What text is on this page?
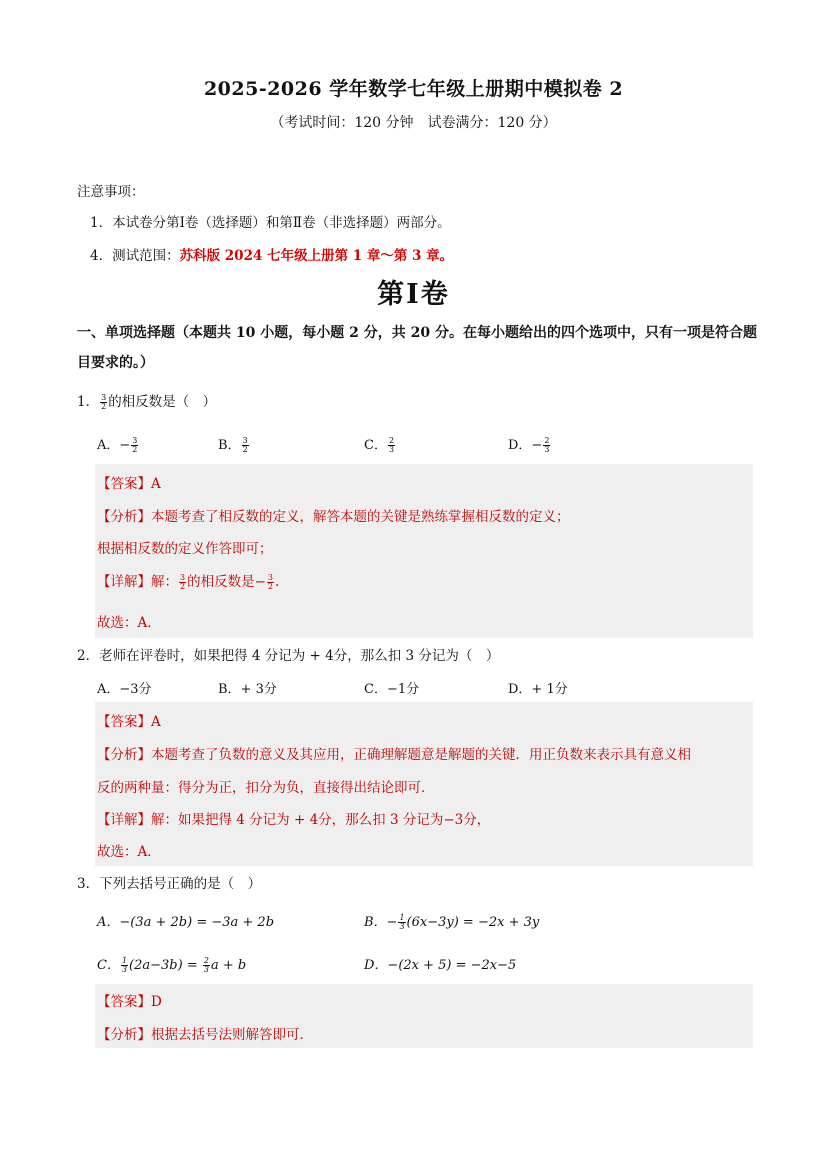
2025-2026 学年数学七年级上册期中模拟卷 2
（考试时间：120 分钟　试卷满分：120 分）
注意事项：
1．本试卷分第Ⅰ卷（选择题）和第Ⅱ卷（非选择题）两部分。
4．测试范围：苏科版 2024 七年级上册第 1 章～第 3 章。
第Ⅰ卷
一、单项选择题（本题共 10 小题，每小题 2 分，共 20 分。在每小题给出的四个选项中，只有一项是符合题目要求的。）
1． $\frac{3}{2}$ 的相反数是（　）
A．− $\frac{3}{2}$	B． $\frac{3}{2}$	C． $\frac{2}{3}$	D．− $\frac{2}{3}$
【答案】A
【分析】本题考查了相反数的定义，解答本题的关键是熟练掌握相反数的定义；
根据相反数的定义作答即可；
【详解】解： $\frac{3}{2}$ 的相反数是− $\frac{3}{2}$ .
故选：A．
2．老师在评卷时，如果把得 4 分记为 + 4分，那么扣 3 分记为（　）
A．−3分	B．+ 3分	C．−1分	D．+ 1分
【答案】A
【分析】本题考查了负数的意义及其应用，正确理解题意是解题的关键．用正负数来表示具有意义相
反的两种量：得分为正，扣分为负，直接得出结论即可．
【详解】解：如果把得 4 分记为 + 4分，那么扣 3 分记为−3分，
故选：A．
3．下列去括号正确的是（　）
A．−(3a + 2b) = −3a + 2b	B．− $\frac{1}{3} (6x-3y) = -2x + 3y$
C． $\frac{1}{3} (2a-3b) = \frac{2}{3}$ a + b	D．−(2x + 5) = −2x−5
【答案】D
【分析】根据去括号法则解答即可．
